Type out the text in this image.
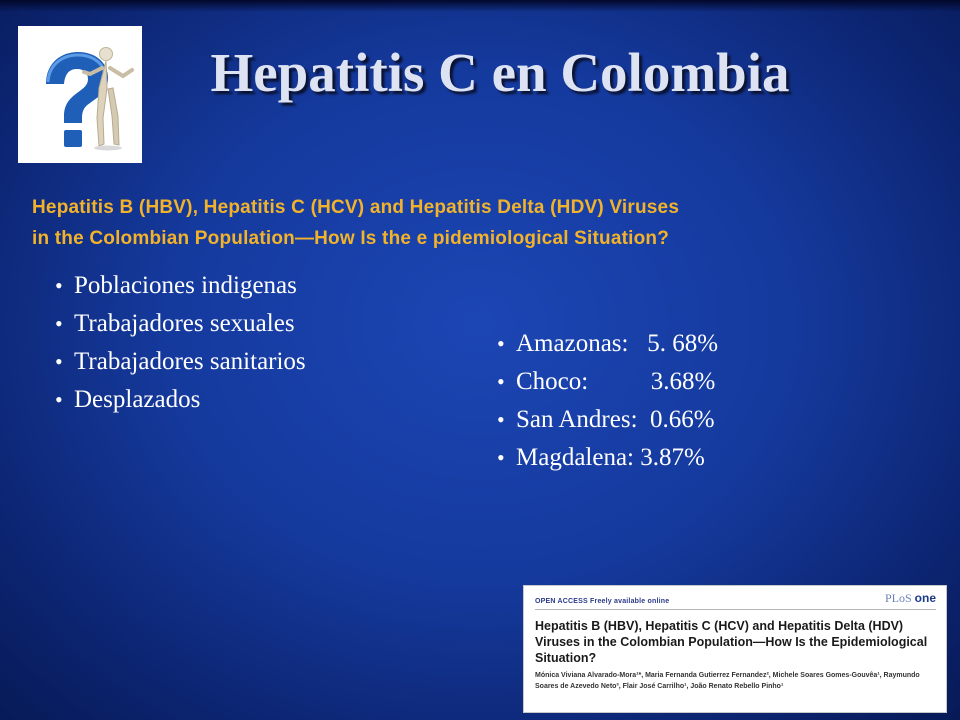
Hepatitis C en Colombia
Hepatitis B (HBV), Hepatitis C (HCV) and Hepatitis Delta (HDV) Viruses
in the Colombian Population—How Is the e pidemiological Situation?
• Poblaciones indigenas
• Trabajadores sexuales
• Trabajadores sanitarios
• Desplazados
• Amazonas:   5. 68%
• Choco:          3.68%
• San Andres:  0.66%
• Magdalena: 3.87%
OPEN ACCESS Freely available online	PLoS one
Hepatitis B (HBV), Hepatitis C (HCV) and Hepatitis Delta (HDV) Viruses in the Colombian Population—How Is the Epidemiological Situation?
Mónica Viviana Alvarado-Mora¹*, Maria Fernanda Gutierrez Fernandez², Michele Soares Gomes-Gouvêa¹, Raymundo Soares de Azevedo Neto³, Flair José Carrilho¹, João Renato Rebello Pinho¹
